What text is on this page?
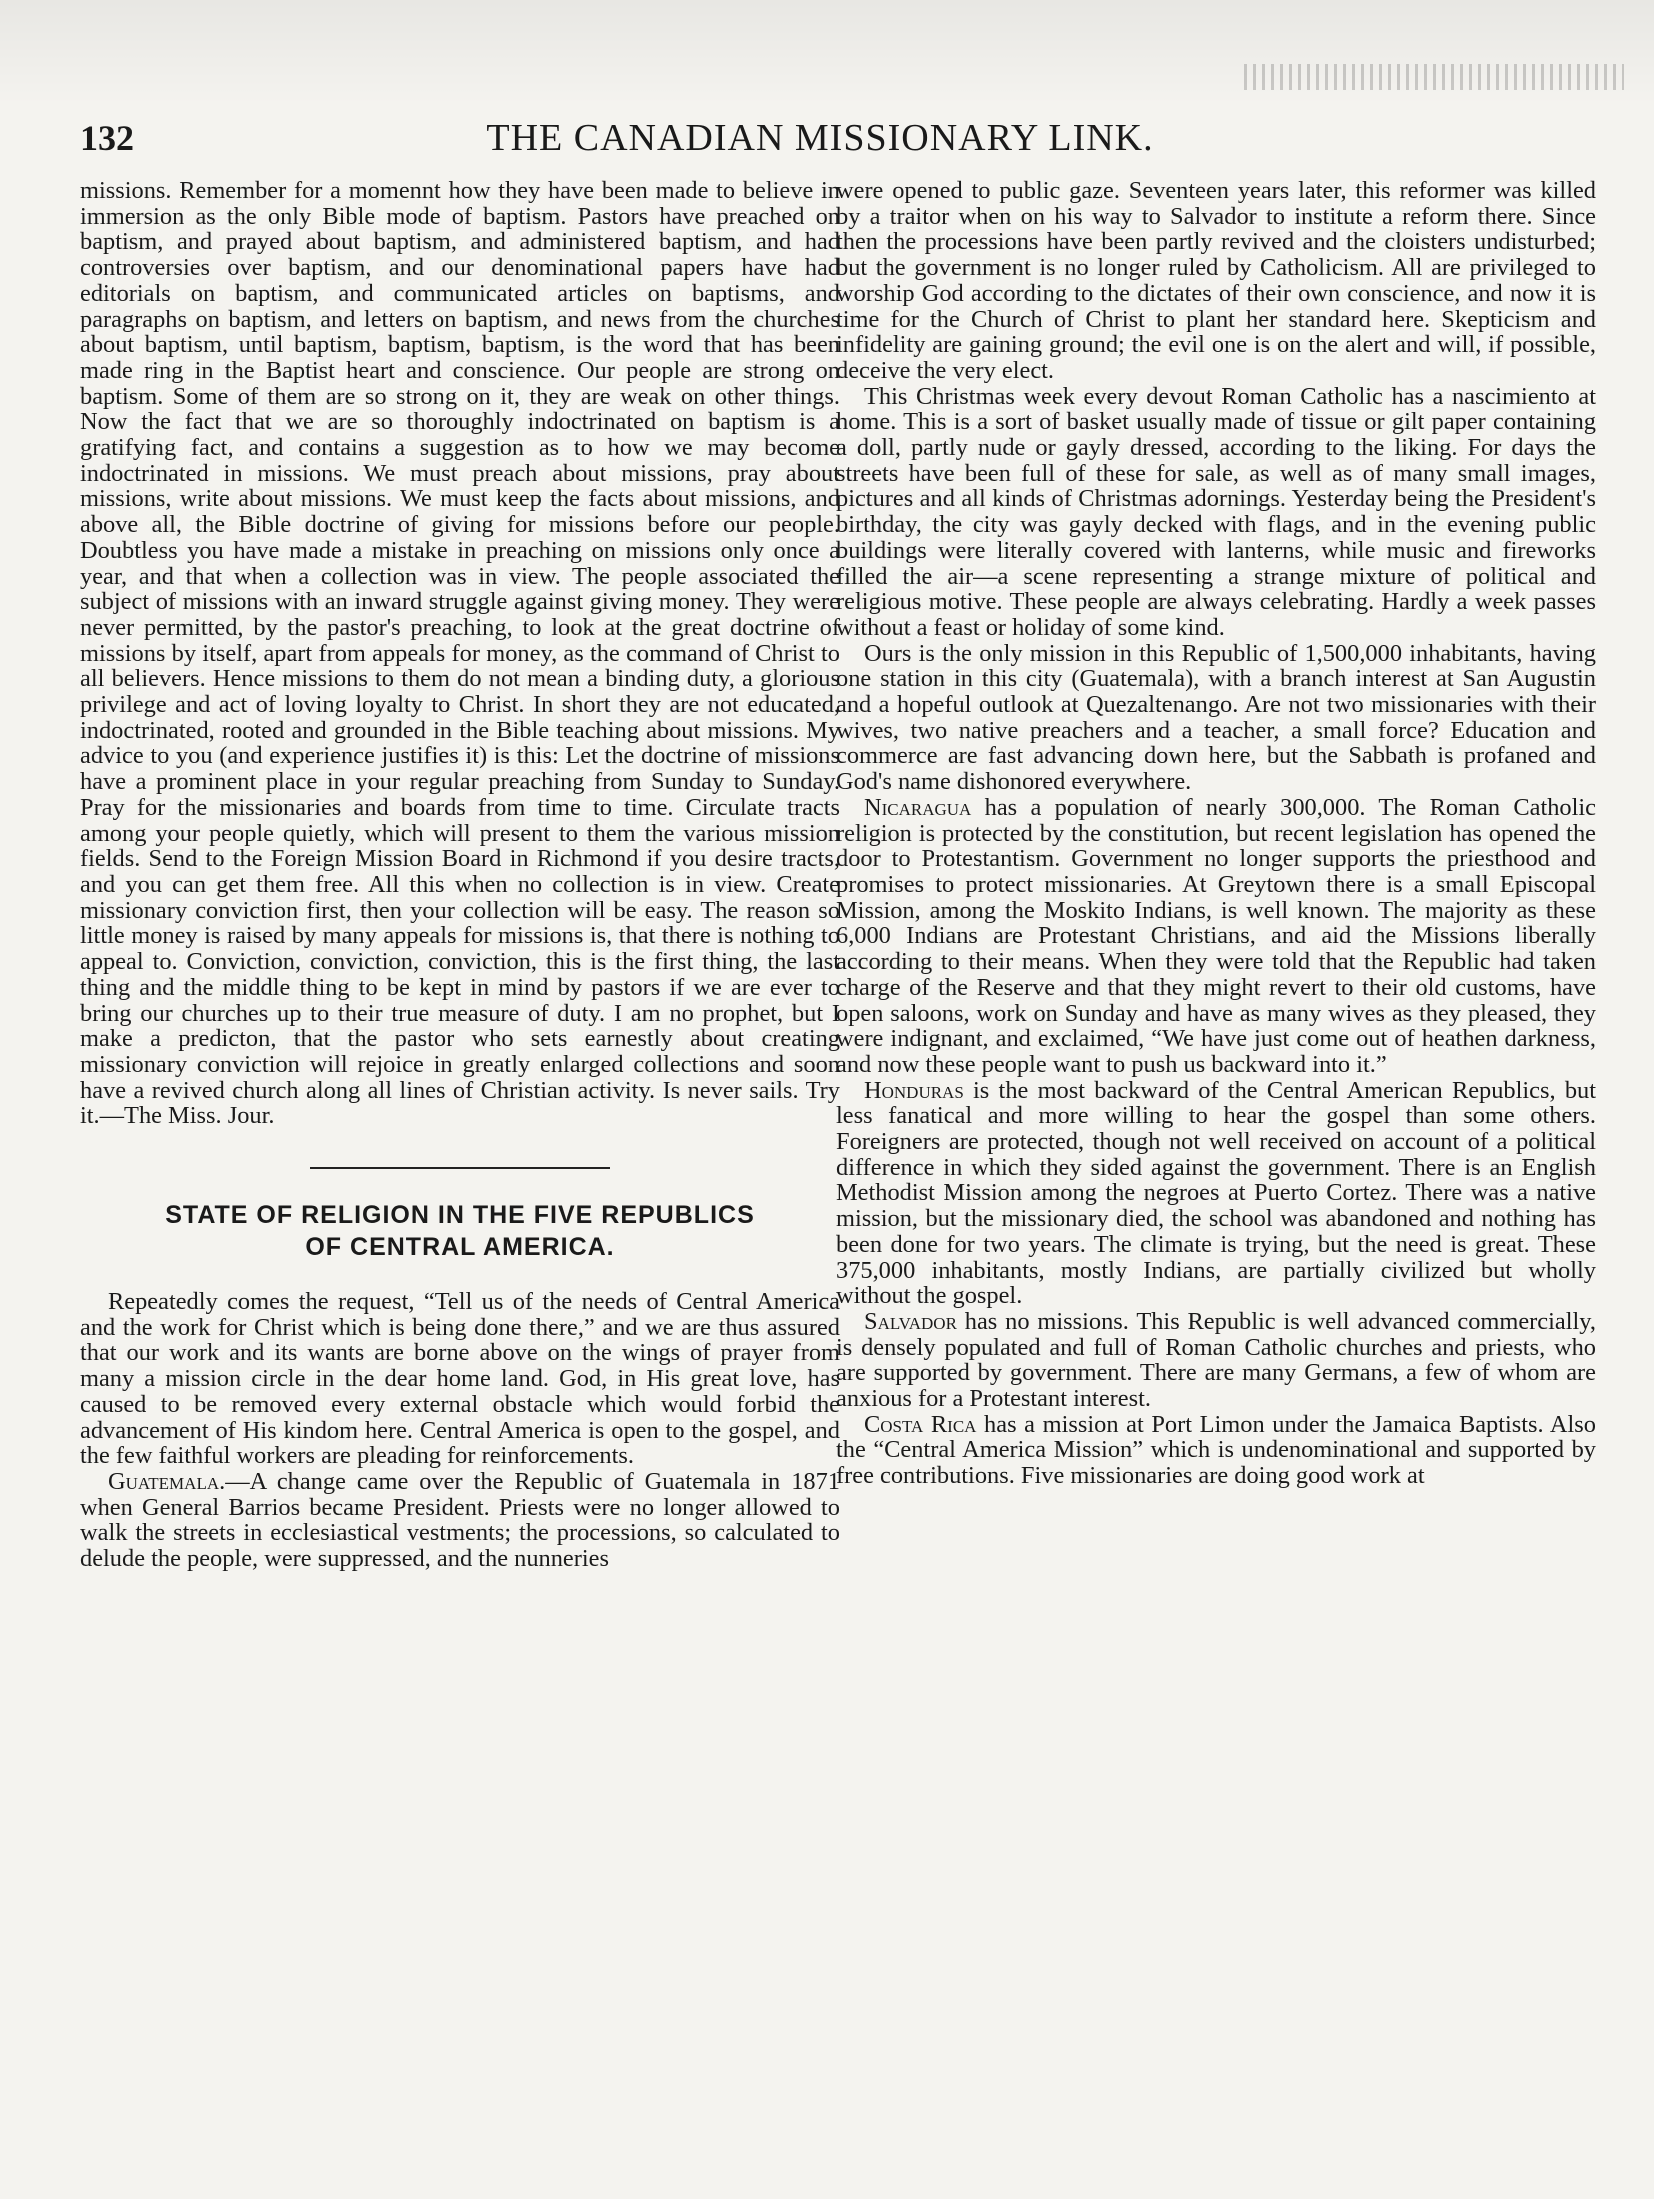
132	THE CANADIAN MISSIONARY LINK.

missions. Remember for a momennt how they have been made to believe in immersion as the only Bible mode of baptism. Pastors have preached on baptism, and prayed about baptism, and administered baptism, and had controversies over baptism, and our denominational papers have had editorials on baptism, and communicated articles on baptisms, and paragraphs on baptism, and letters on baptism, and news from the churches about baptism, until baptism, baptism, baptism, is the word that has been made ring in the Baptist heart and conscience. Our people are strong on baptism. Some of them are so strong on it, they are weak on other things. Now the fact that we are so thoroughly indoctrinated on baptism is a gratifying fact, and contains a suggestion as to how we may become indoctrinated in missions. We must preach about missions, pray about missions, write about missions. We must keep the facts about missions, and above all, the Bible doctrine of giving for missions before our people. Doubtless you have made a mistake in preaching on missions only once a year, and that when a collection was in view. The people associated the subject of missions with an inward struggle against giving money. They were never permitted, by the pastor's preaching, to look at the great doctrine of missions by itself, apart from appeals for money, as the command of Christ to all believers. Hence missions to them do not mean a binding duty, a glorious privilege and act of loving loyalty to Christ. In short they are not educated, indoctrinated, rooted and grounded in the Bible teaching about missions. My advice to you (and experience justifies it) is this: Let the doctrine of missions have a prominent place in your regular preaching from Sunday to Sunday. Pray for the missionaries and boards from time to time. Circulate tracts among your people quietly, which will present to them the various mission fields. Send to the Foreign Mission Board in Richmond if you desire tracts, and you can get them free. All this when no collection is in view. Create missionary conviction first, then your collection will be easy. The reason so little money is raised by many appeals for missions is, that there is nothing to appeal to. Conviction, conviction, conviction, this is the first thing, the last thing and the middle thing to be kept in mind by pastors if we are ever to bring our churches up to their true measure of duty. I am no prophet, but I make a predicton, that the pastor who sets earnestly about creating missionary conviction will rejoice in greatly enlarged collections and soon have a revived church along all lines of Christian activity. Is never sails. Try it.—The Miss. Jour.

STATE OF RELIGION IN THE FIVE REPUBLICS
OF CENTRAL AMERICA.

Repeatedly comes the request, “Tell us of the needs of Central America and the work for Christ which is being done there,” and we are thus assured that our work and its wants are borne above on the wings of prayer from many a mission circle in the dear home land. God, in His great love, has caused to be removed every external obstacle which would forbid the advancement of His kindom here. Central America is open to the gospel, and the few faithful workers are pleading for reinforcements.

Guatemala.—A change came over the Republic of Guatemala in 1871 when General Barrios became President. Priests were no longer allowed to walk the streets in ecclesiastical vestments; the processions, so calculated to delude the people, were suppressed, and the nunneries

were opened to public gaze. Seventeen years later, this reformer was killed by a traitor when on his way to Salvador to institute a reform there. Since then the processions have been partly revived and the cloisters undisturbed; but the government is no longer ruled by Catholicism. All are privileged to worship God according to the dictates of their own conscience, and now it is time for the Church of Christ to plant her standard here. Skepticism and infidelity are gaining ground; the evil one is on the alert and will, if possible, deceive the very elect.

This Christmas week every devout Roman Catholic has a nascimiento at home. This is a sort of basket usually made of tissue or gilt paper containing a doll, partly nude or gayly dressed, according to the liking. For days the streets have been full of these for sale, as well as of many small images, pictures and all kinds of Christmas adornings. Yesterday being the President's birthday, the city was gayly decked with flags, and in the evening public buildings were literally covered with lanterns, while music and fireworks filled the air—a scene representing a strange mixture of political and religious motive. These people are always celebrating. Hardly a week passes without a feast or holiday of some kind.

Ours is the only mission in this Republic of 1,500,000 inhabitants, having one station in this city (Guatemala), with a branch interest at San Augustin and a hopeful outlook at Quezaltenango. Are not two missionaries with their wives, two native preachers and a teacher, a small force? Education and commerce are fast advancing down here, but the Sabbath is profaned and God's name dishonored everywhere.

Nicaragua has a population of nearly 300,000. The Roman Catholic religion is protected by the constitution, but recent legislation has opened the door to Protestantism. Government no longer supports the priesthood and promises to protect missionaries. At Greytown there is a small Episcopal Mission, among the Moskito Indians, is well known. The majority as these 6,000 Indians are Protestant Christians, and aid the Missions liberally according to their means. When they were told that the Republic had taken charge of the Reserve and that they might revert to their old customs, have open saloons, work on Sunday and have as many wives as they pleased, they were indignant, and exclaimed, “We have just come out of heathen darkness, and now these people want to push us backward into it.”

Honduras is the most backward of the Central American Republics, but less fanatical and more willing to hear the gospel than some others. Foreigners are protected, though not well received on account of a political difference in which they sided against the government. There is an English Methodist Mission among the negroes at Puerto Cortez. There was a native mission, but the missionary died, the school was abandoned and nothing has been done for two years. The climate is trying, but the need is great. These 375,000 inhabitants, mostly Indians, are partially civilized but wholly without the gospel.

Salvador has no missions. This Republic is well advanced commercially, is densely populated and full of Roman Catholic churches and priests, who are supported by government. There are many Germans, a few of whom are anxious for a Protestant interest.

Costa Rica has a mission at Port Limon under the Jamaica Baptists. Also the “Central America Mission” which is undenominational and supported by free contributions. Five missionaries are doing good work at
